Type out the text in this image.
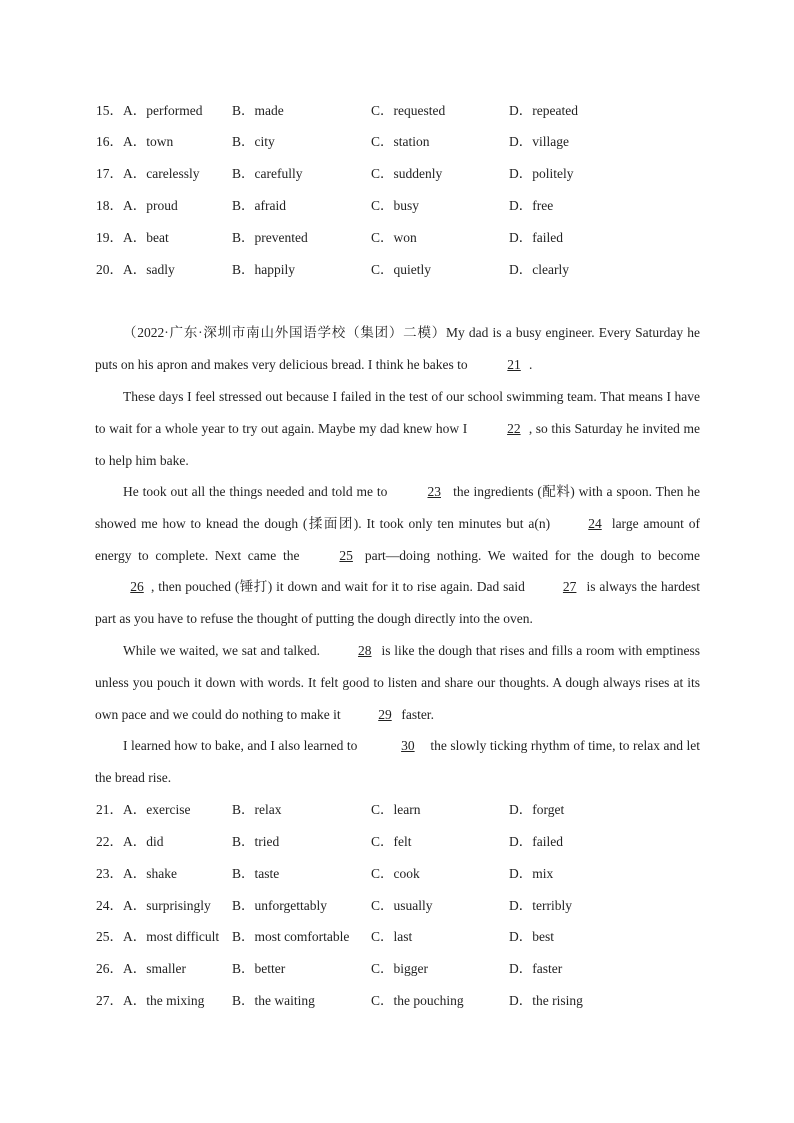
15．A．performed B．made	C．requested	D．repeated
16．A．town	B．city	C．station	D．village
17．A．carelessly B．carefully	C．suddenly	D．politely
18．A．proud	B．afraid	C．busy	D．free
19．A．beat	B．prevented	C．won	D．failed
20．A．sadly	B．happily	C．quietly	D．clearly
（2022·广东·深圳市南山外国语学校（集团）二模）My dad is a busy engineer. Every Saturday he puts on his apron and makes very delicious bread. I think he bakes to	21 .
These days I feel stressed out because I failed in the test of our school swimming team. That means I have to wait for a whole year to try out again. Maybe my dad knew how I	22 , so this Saturday he invited me to help him bake.
He took out all the things needed and told me to	23 the ingredients (配料) with a spoon. Then he showed me how to knead the dough (揉面团). It took only ten minutes but a(n) 24 large amount of energy to complete. Next came the 25 part—doing nothing. We waited for the dough to become 26 , then pouched (锤打) it down and wait for it to rise again. Dad said	27 is always the hardest part as you have to refuse the thought of putting the dough directly into the oven.
While we waited, we sat and talked.	28 is like the dough that rises and fills a room with emptiness unless you pouch it down with words. It felt good to listen and share our thoughts. A dough always rises at its own pace and we could do nothing to make it	29 faster.
I learned how to bake, and I also learned to	30 the slowly ticking rhythm of time, to relax and let the bread rise.
21．A．exercise	B．relax	C．learn	D．forget
22．A．did	B．tried	C．felt	D．failed
23．A．shake	B．taste	C．cook	D．mix
24．A．surprisingly B．unforgettably	C．usually	D．terribly
25．A．most difficult B．most comfortable C．last	D．best
26．A．smaller	B．better	C．bigger	D．faster
27．A．the mixing B．the waiting	C．the pouching	D．the rising
